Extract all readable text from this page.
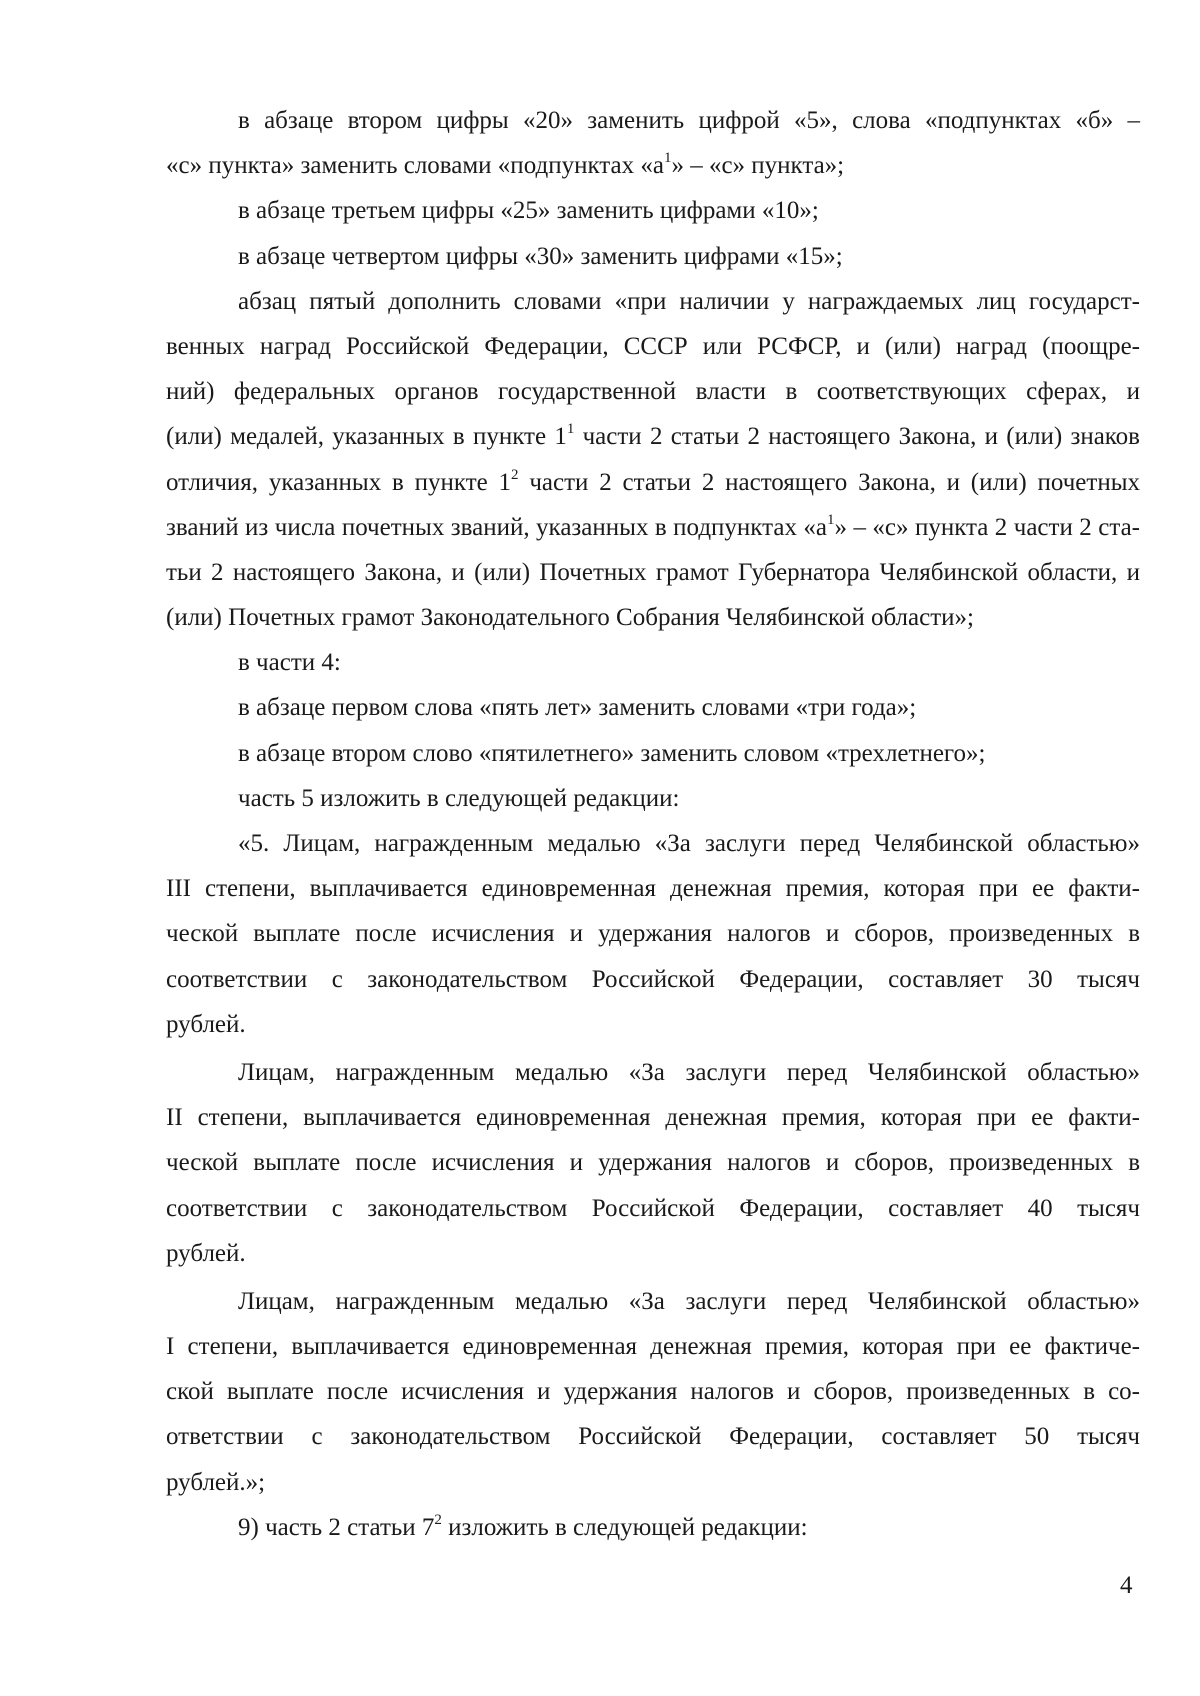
в абзаце втором цифры «20» заменить цифрой «5», слова «подпунктах «б» –
«с» пункта» заменить словами «подпунктах «$а^1$» – «с» пункта»;
в абзаце третьем цифры «25» заменить цифрами «10»;
в абзаце четвертом цифры «30» заменить цифрами «15»;
абзац пятый дополнить словами «при наличии у награждаемых лиц государст-
венных наград Российской Федерации, СССР или РСФСР, и (или) наград (поощре-
ний) федеральных органов государственной власти в соответствующих сферах, и
(или) медалей, указанных в пункте $1^1$ части 2 статьи 2 настоящего Закона, и (или) знаков
отличия, указанных в пункте $1^2$ части 2 статьи 2 настоящего Закона, и (или) почетных
званий из числа почетных званий, указанных в подпунктах «$а^1$» – «с» пункта 2 части 2 ста-
тьи 2 настоящего Закона, и (или) Почетных грамот Губернатора Челябинской области, и
(или) Почетных грамот Законодательного Собрания Челябинской области»;
в части 4:
в абзаце первом слова «пять лет» заменить словами «три года»;
в абзаце втором слово «пятилетнего» заменить словом «трехлетнего»;
часть 5 изложить в следующей редакции:
«5. Лицам, награжденным медалью «За заслуги перед Челябинской областью»
III степени, выплачивается единовременная денежная премия, которая при ее факти-
ческой выплате после исчисления и удержания налогов и сборов, произведенных в
соответствии с законодательством Российской Федерации, составляет 30 тысяч
рублей.
Лицам, награжденным медалью «За заслуги перед Челябинской областью»
II степени, выплачивается единовременная денежная премия, которая при ее факти-
ческой выплате после исчисления и удержания налогов и сборов, произведенных в
соответствии с законодательством Российской Федерации, составляет 40 тысяч
рублей.
Лицам, награжденным медалью «За заслуги перед Челябинской областью»
I степени, выплачивается единовременная денежная премия, которая при ее фактиче-
ской выплате после исчисления и удержания налогов и сборов, произведенных в со-
ответствии с законодательством Российской Федерации, составляет 50 тысяч
рублей.»;
9) часть 2 статьи $7^2$ изложить в следующей редакции:
4
